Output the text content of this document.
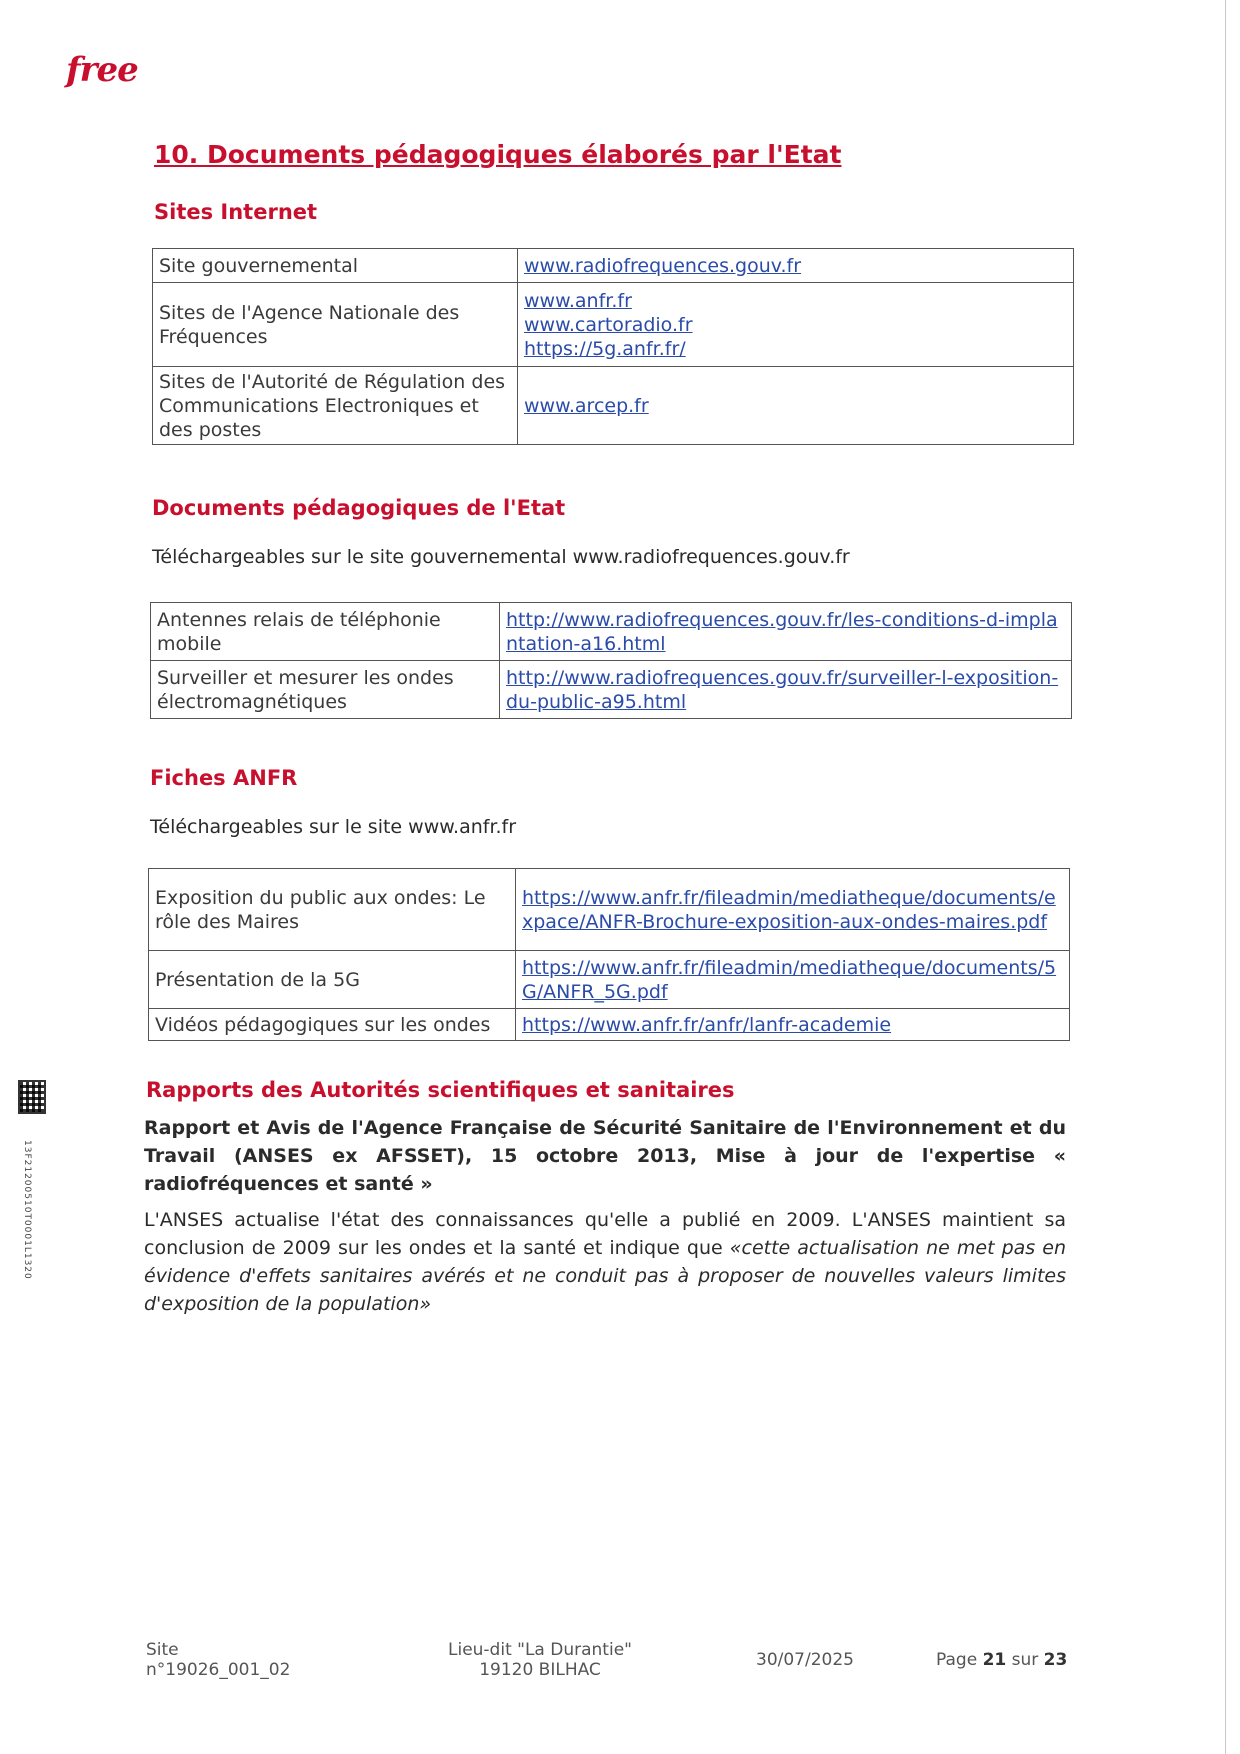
free
10. Documents pédagogiques élaborés par l'Etat
Sites Internet
Site gouvernemental	www.radiofrequences.gouv.fr

Sites de l'Agence Nationale des Fréquences	www.anfr.fr
www.cartoradio.fr
https://5g.anfr.fr/

Sites de l'Autorité de Régulation des Communications Electroniques et des postes	www.arcep.fr
Documents pédagogiques de l'Etat
Téléchargeables sur le site gouvernemental www.radiofrequences.gouv.fr
Antennes relais de téléphonie mobile	http://www.radiofrequences.gouv.fr/les-conditions-d-implantation-a16.html

Surveiller et mesurer les ondes électromagnétiques	http://www.radiofrequences.gouv.fr/surveiller-l-exposition-du-public-a95.html
Fiches ANFR
Téléchargeables sur le site www.anfr.fr
Exposition du public aux ondes: Le rôle des Maires	https://www.anfr.fr/fileadmin/mediatheque/documents/expace/ANFR-Brochure-exposition-aux-ondes-maires.pdf

Présentation de la 5G	https://www.anfr.fr/fileadmin/mediatheque/documents/5G/ANFR_5G.pdf

Vidéos pédagogiques sur les ondes	https://www.anfr.fr/anfr/lanfr-academie
Rapports des Autorités scientifiques et sanitaires
Rapport et Avis de l'Agence Française de Sécurité Sanitaire de l'Environnement et du Travail (ANSES ex AFSSET), 15 octobre 2013, Mise à jour de l'expertise « radiofréquences et santé »
L'ANSES actualise l'état des connaissances qu'elle a publié en 2009. L'ANSES maintient sa conclusion de 2009 sur les ondes et la santé et indique que «cette actualisation ne met pas en évidence d'effets sanitaires avérés et ne conduit pas à proposer de nouvelles valeurs limites d'exposition de la population»
13F21200510T0001L1320
Site
n°19026_001_02
Lieu-dit "La Durantie"
19120 BILHAC	30/07/2025	Page 21 sur 23
